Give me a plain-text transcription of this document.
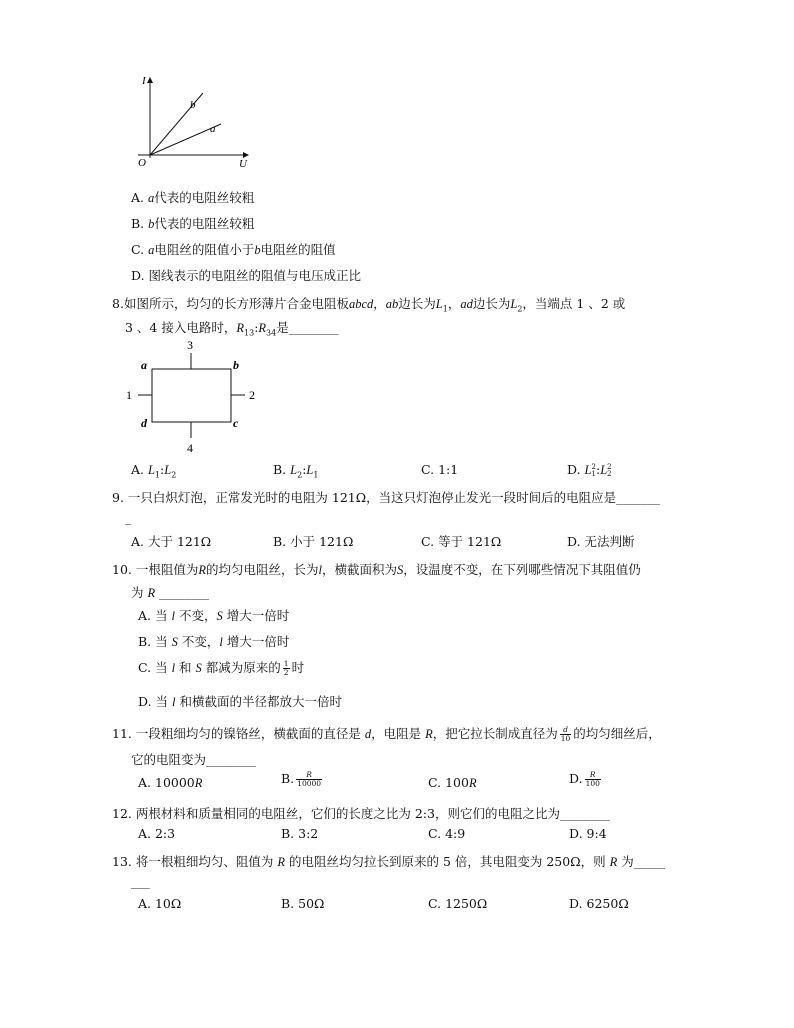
I
U
O
b
a
A. a代表的电阻丝较粗
B. b代表的电阻丝较粗
C. a电阻丝的阻值小于b电阻丝的阻值
D. 图线表示的电阻丝的阻值与电压成正比
8.如图所示，均匀的长方形薄片合金电阻板abcd，ab边长为$L_1$，ad边长为$L_2$，当端点 1 、2 或
3 、4 接入电路时，$R_{13}:R_{34}$是________
3
4
1	2
a	b
c
d
A. $L_1:L_2$	B. $L_2:L_1$	C. 1:1	D. L 2
1 :L 2
2
9. 一只白炽灯泡，正常发光时的电阻为 121Ω，当这只灯泡停止发光一段时间后的电阻应是_______
_
A. 大于 121Ω	B. 小于 121Ω	C. 等于 121Ω	D. 无法判断
10. 一根阻值为R的均匀电阻丝，长为l，横截面积为S，设温度不变，在下列哪些情况下其阻值仍
为 R ________
A. 当 l 不变，S 增大一倍时
B. 当 S 不变，l 增大一倍时
C. 当 l 和 S 都减为原来的 $\frac{1}{2}$ 时
D. 当 l 和横截面的半径都放大一倍时
11. 一段粗细均匀的镍铬丝，横截面的直径是 d，电阻是 R，把它拉长制成直径为 $\frac{d}{10}$ 的均匀细丝后，
它的电阻变为________
A. 10000R	B. $\frac{R}{10000}$	C. 100R	D. $\frac{R}{100}$
12. 两根材料和质量相同的电阻丝，它们的长度之比为 2:3，则它们的电阻之比为________
A. 2:3	B. 3:2	C. 4:9	D. 9:4
13. 将一根粗细均匀、阻值为 R 的电阻丝均匀拉长到原来的 5 倍，其电阻变为 250Ω，则 R 为_____
___
A. 10Ω	B. 50Ω	C. 1250Ω	D. 6250Ω
